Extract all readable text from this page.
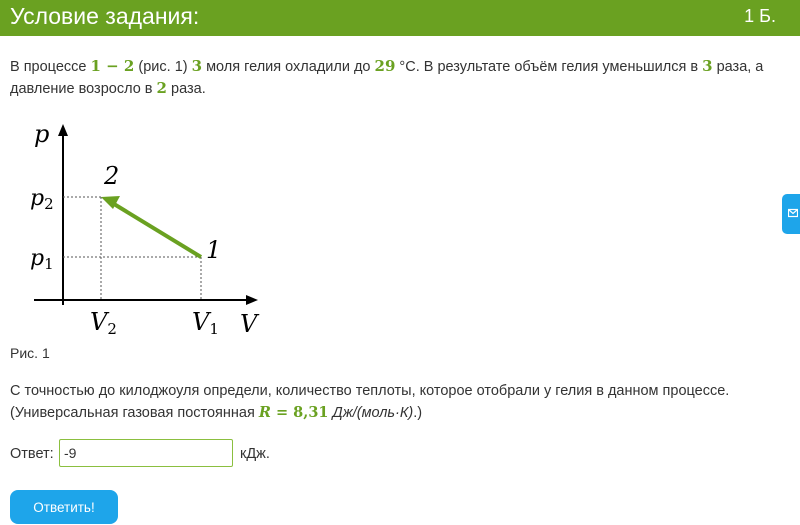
Условие задания:	1 Б.
В процессе 1 − 2 (рис. 1) 3 моля гелия охладили до 29 °C. В результате объём гелия уменьшился в 3 раза, а
давление возросло в 2 раза.
p
V
p2
p1
V2	V1
2
1
Рис. 1
С точностью до килоджоуля определи, количество теплоты, которое отобрали у гелия в данном процессе.
(Универсальная газовая постоянная R = 8,31 Дж/(моль·К).)
Ответ:
-9	кДж.
Ответить!
